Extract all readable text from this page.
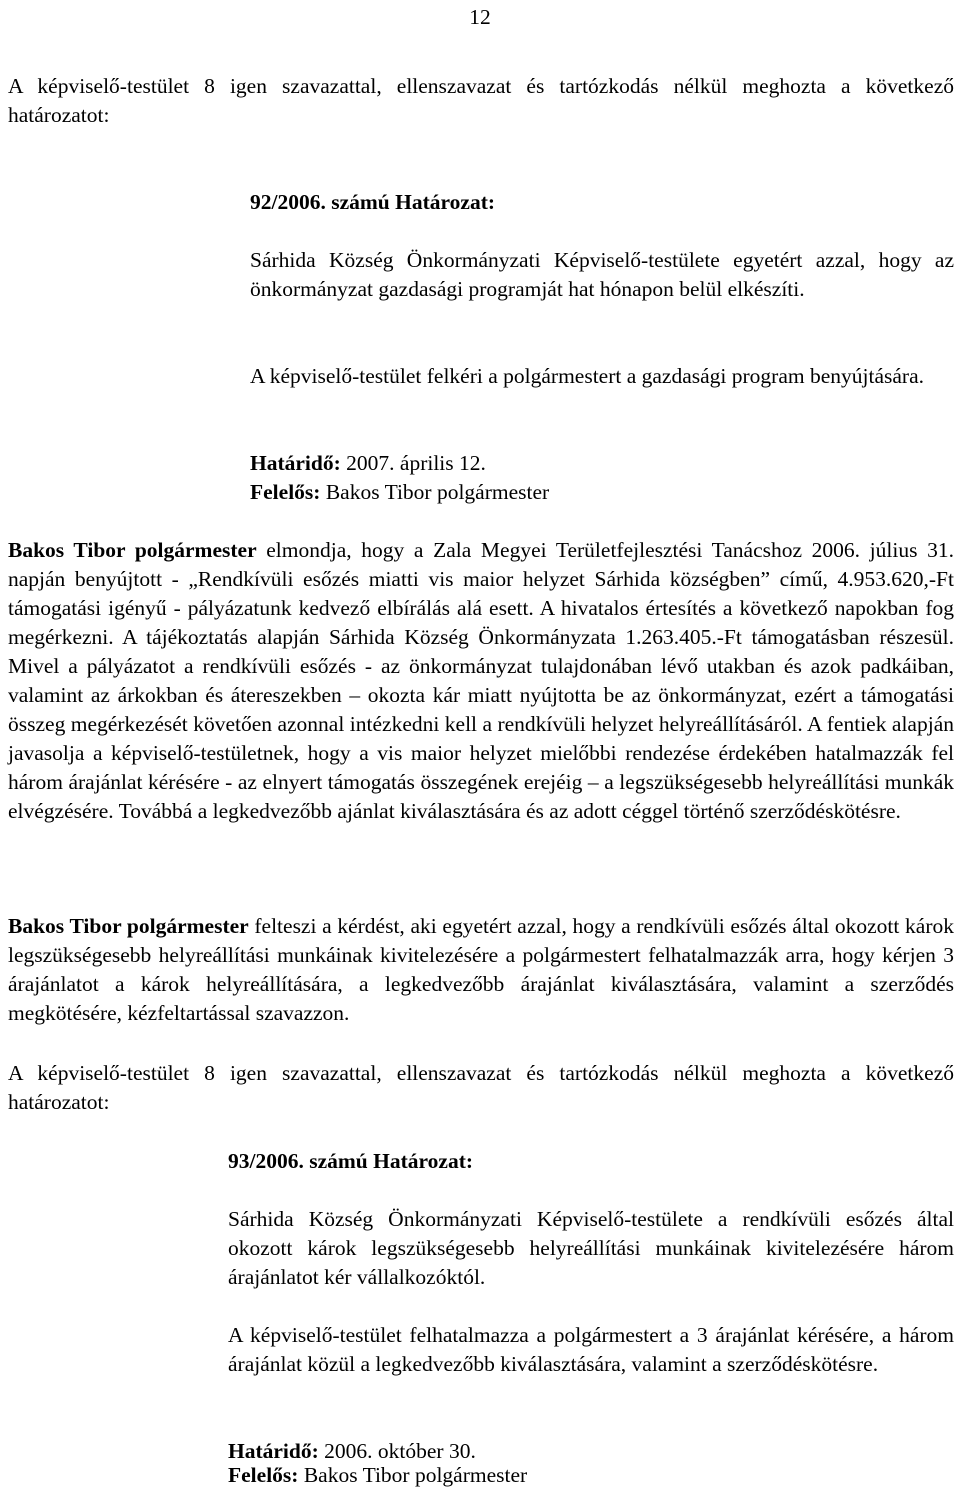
12

A képviselő-testület 8 igen szavazattal, ellenszavazat és tartózkodás nélkül meghozta a következő határozatot:

92/2006. számú Határozat:

Sárhida Község Önkormányzati Képviselő-testülete egyetért azzal, hogy az önkormányzat gazdasági programját hat hónapon belül elkészíti.

A képviselő-testület felkéri a polgármestert a gazdasági program benyújtására.

Határidő: 2007. április 12.

Felelős: Bakos Tibor polgármester

Bakos Tibor polgármester elmondja, hogy a Zala Megyei Területfejlesztési Tanácshoz 2006. július 31. napján benyújtott - „Rendkívüli esőzés miatti vis maior helyzet Sárhida községben” című, 4.953.620,-Ft támogatási igényű - pályázatunk kedvező elbírálás alá esett. A hivatalos értesítés a következő napokban fog megérkezni. A tájékoztatás alapján Sárhida Község Önkormányzata 1.263.405.-Ft támogatásban részesül. Mivel a pályázatot a rendkívüli esőzés - az önkormányzat tulajdonában lévő utakban és azok padkáiban, valamint az árkokban és átereszekben – okozta kár miatt nyújtotta be az önkormányzat, ezért a támogatási összeg megérkezését követően azonnal intézkedni kell a rendkívüli helyzet helyreállításáról. A fentiek alapján javasolja a képviselő-testületnek, hogy a vis maior helyzet mielőbbi rendezése érdekében hatalmazzák fel három árajánlat kérésére - az elnyert támogatás összegének erejéig – a legszükségesebb helyreállítási munkák elvégzésére. Továbbá a legkedvezőbb ajánlat kiválasztására és az adott céggel történő szerződéskötésre.

Bakos Tibor polgármester felteszi a kérdést, aki egyetért azzal, hogy a rendkívüli esőzés által okozott károk legszükségesebb helyreállítási munkáinak kivitelezésére a polgármestert felhatalmazzák arra, hogy kérjen 3 árajánlatot a károk helyreállítására, a legkedvezőbb árajánlat kiválasztására, valamint a szerződés megkötésére, kézfeltartással szavazzon.

A képviselő-testület 8 igen szavazattal, ellenszavazat és tartózkodás nélkül meghozta a következő határozatot:

93/2006. számú Határozat:

Sárhida Község Önkormányzati Képviselő-testülete a rendkívüli esőzés által okozott károk legszükségesebb helyreállítási munkáinak kivitelezésére három árajánlatot kér vállalkozóktól.

A képviselő-testület felhatalmazza a polgármestert a 3 árajánlat kérésére, a három árajánlat közül a legkedvezőbb kiválasztására, valamint a szerződéskötésre.

Határidő: 2006. október 30.

Felelős: Bakos Tibor polgármester
